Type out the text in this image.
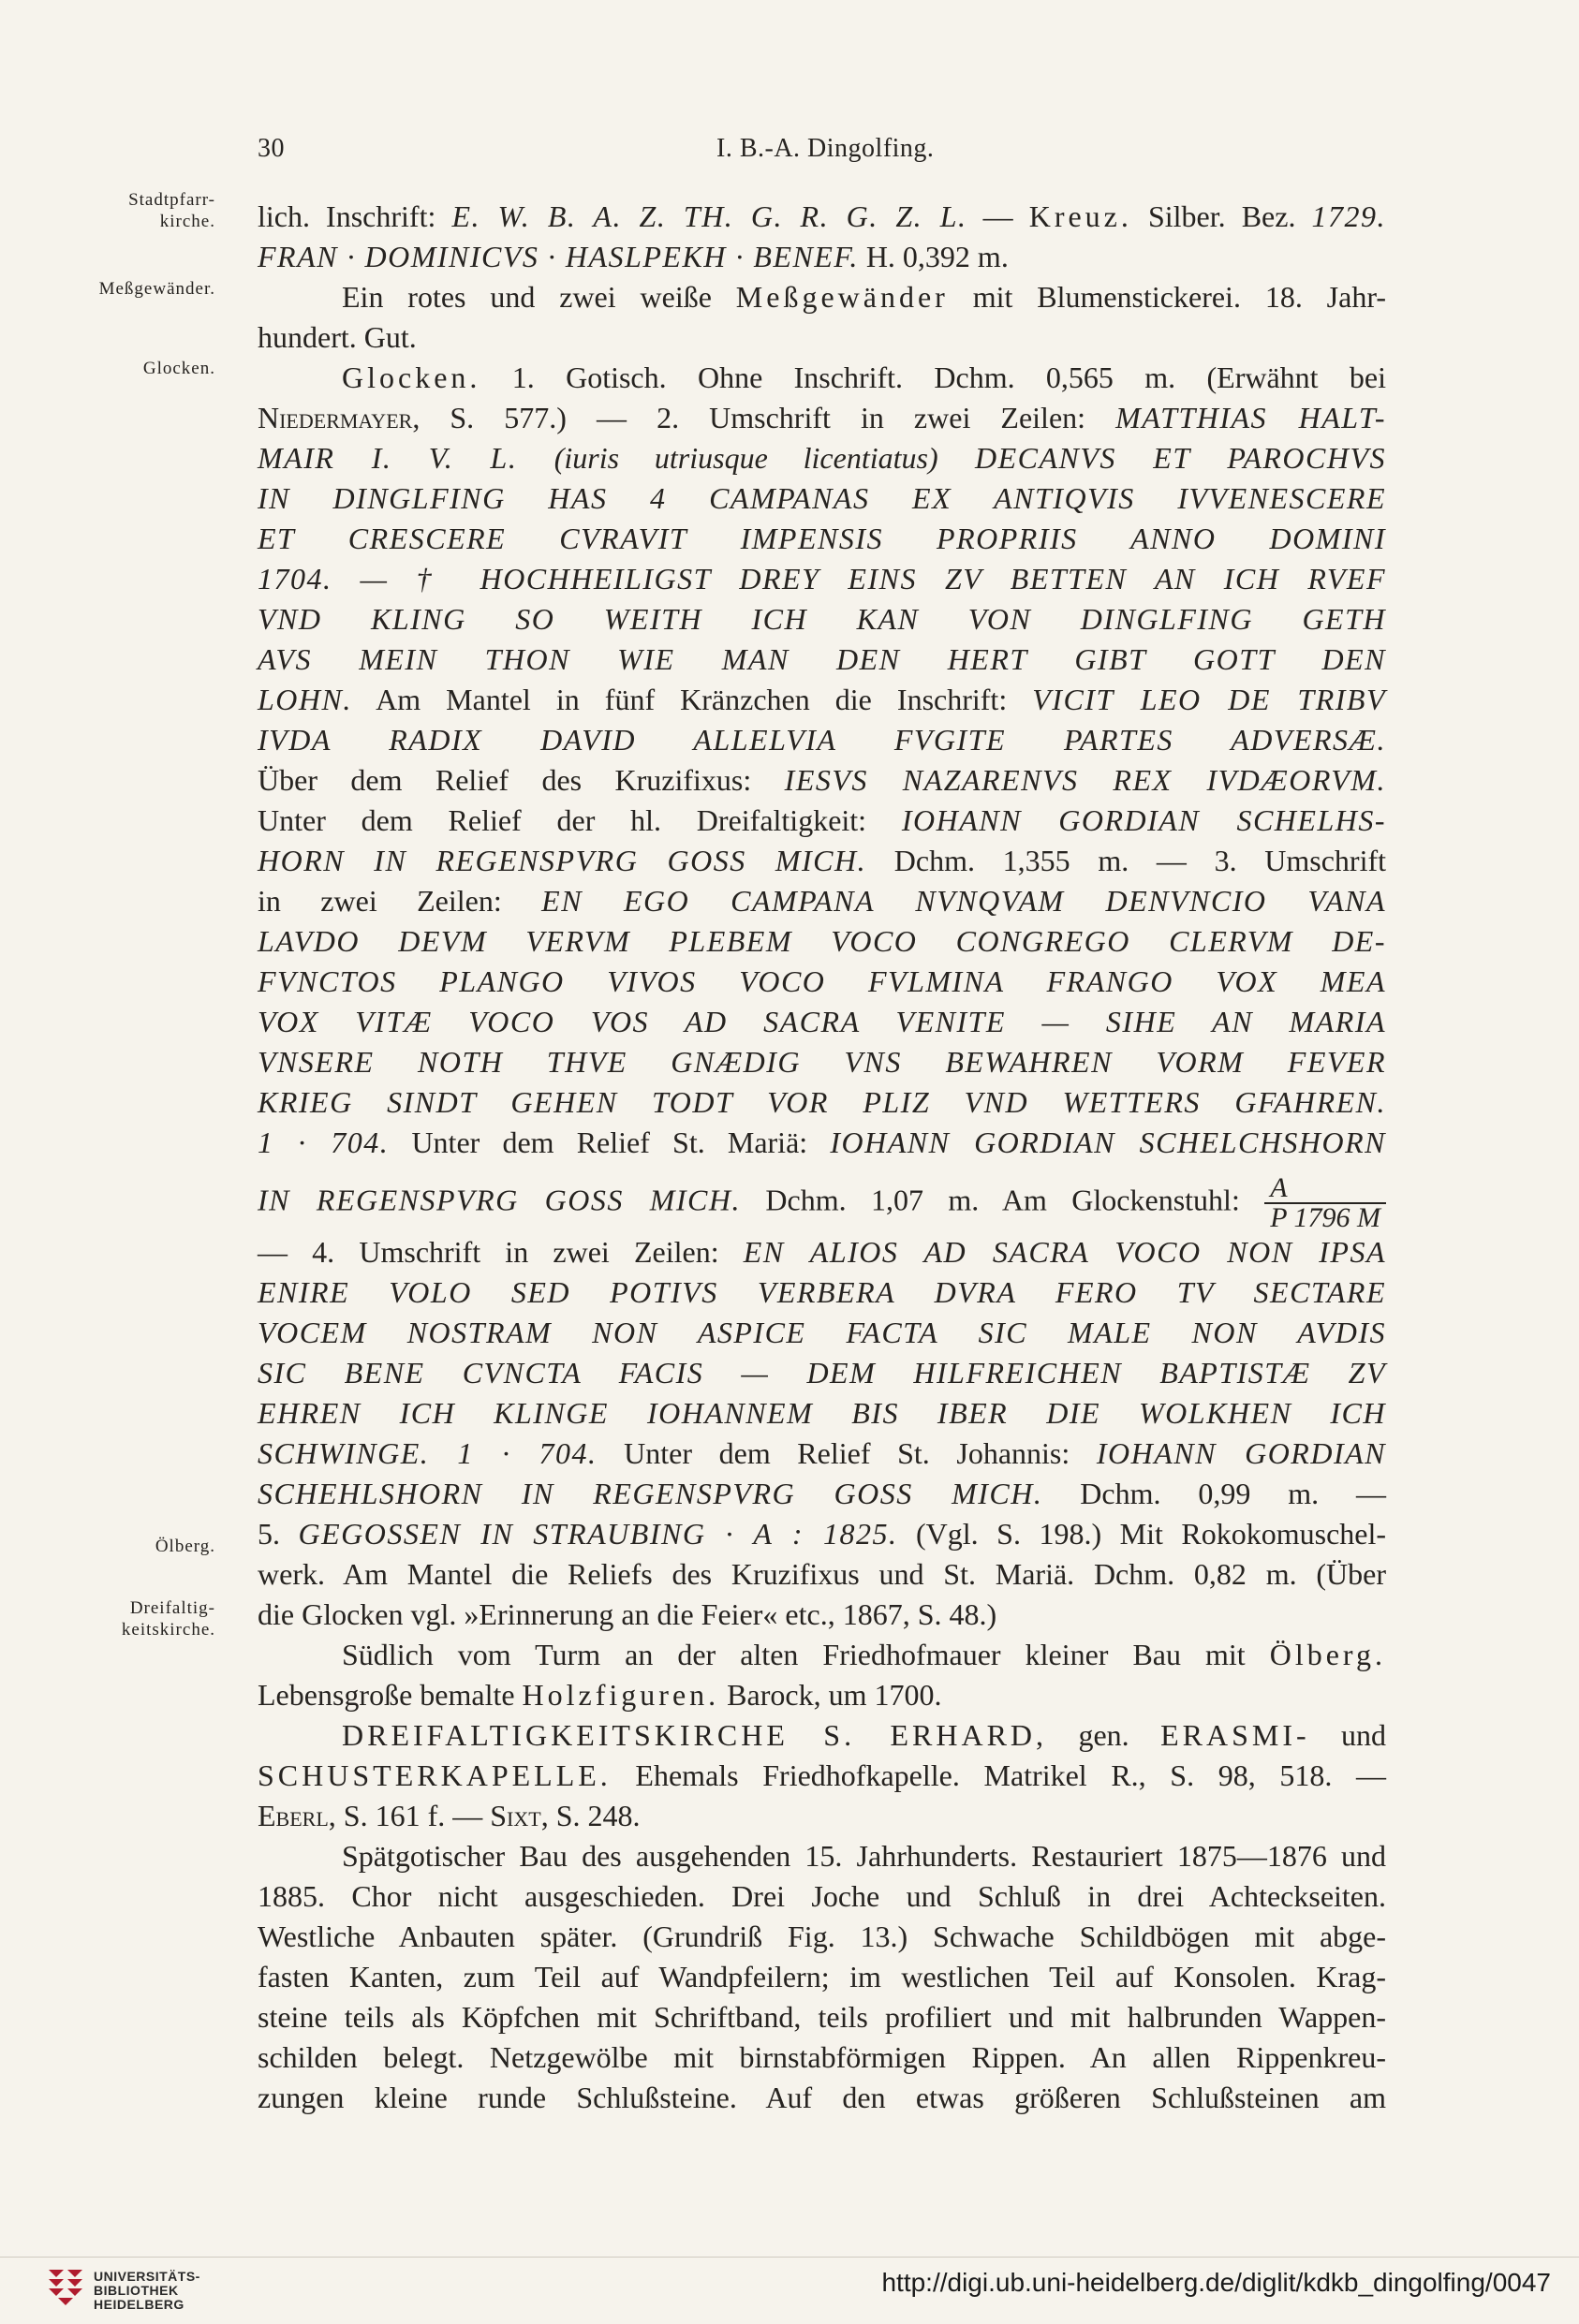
30	I. B.-A. Dingolfing.
Stadtpfarr-
kirche.
Meßgewänder.
Glocken.
Ölberg.
Dreifaltig-
keitskirche.
lich. Inschrift: E. W. B. A. Z. TH. G. R. G. Z. L. — Kreuz. Silber. Bez. 1729.
FRAN · DOMINICVS · HASLPEKH · BENEF. H. 0,392 m.
Ein rotes und zwei weiße Meßgewänder mit Blumenstickerei. 18. Jahr-
hundert. Gut.
Glocken. 1. Gotisch. Ohne Inschrift. Dchm. 0,565 m. (Erwähnt bei
Niedermayer, S. 577.) — 2. Umschrift in zwei Zeilen: MATTHIAS HALT-
MAIR I. V. L. (iuris utriusque licentiatus) DECANVS ET PAROCHVS
IN DINGLFING HAS 4 CAMPANAS EX ANTIQVIS IVVENESCERE
ET CRESCERE CVRAVIT IMPENSIS PROPRIIS ANNO DOMINI
1704. — † HOCHHEILIGST DREY EINS ZV BETTEN AN ICH RVEF
VND KLING SO WEITH ICH KAN VON DINGLFING GETH
AVS MEIN THON WIE MAN DEN HERT GIBT GOTT DEN
LOHN. Am Mantel in fünf Kränzchen die Inschrift: VICIT LEO DE TRIBV
IVDA RADIX DAVID ALLELVIA FVGITE PARTES ADVERSÆ.
Über dem Relief des Kruzifixus: IESVS NAZARENVS REX IVDÆORVM.
Unter dem Relief der hl. Dreifaltigkeit: IOHANN GORDIAN SCHELHS-
HORN IN REGENSPVRG GOSS MICH. Dchm. 1,355 m. — 3. Umschrift
in zwei Zeilen: EN EGO CAMPANA NVNQVAM DENVNCIO VANA
LAVDO DEVM VERVM PLEBEM VOCO CONGREGO CLERVM DE-
FVNCTOS PLANGO VIVOS VOCO FVLMINA FRANGO VOX MEA
VOX VITÆ VOCO VOS AD SACRA VENITE — SIHE AN MARIA
VNSERE NOTH THVE GNÆDIG VNS BEWAHREN VORM FEVER
KRIEG SINDT GEHEN TODT VOR PLIZ VND WETTERS GFAHREN.
1 · 704. Unter dem Relief St. Mariä: IOHANN GORDIAN SCHELCHSHORN
IN REGENSPVRG GOSS MICH. Dchm. 1,07 m. Am Glockenstuhl: $\frac{A}{P 1796 M}$
— 4. Umschrift in zwei Zeilen: EN ALIOS AD SACRA VOCO NON IPSA
ENIRE VOLO SED POTIVS VERBERA DVRA FERO TV SECTARE
VOCEM NOSTRAM NON ASPICE FACTA SIC MALE NON AVDIS
SIC BENE CVNCTA FACIS — DEM HILFREICHEN BAPTISTÆ ZV
EHREN ICH KLINGE IOHANNEM BIS IBER DIE WOLKHEN ICH
SCHWINGE. 1 · 704. Unter dem Relief St. Johannis: IOHANN GORDIAN
SCHEHLSHORN IN REGENSPVRG GOSS MICH. Dchm. 0,99 m. —
5. GEGOSSEN IN STRAUBING · A : 1825. (Vgl. S. 198.) Mit Rokokomuschel-
werk. Am Mantel die Reliefs des Kruzifixus und St. Mariä. Dchm. 0,82 m. (Über
die Glocken vgl. »Erinnerung an die Feier« etc., 1867, S. 48.)
Südlich vom Turm an der alten Friedhofmauer kleiner Bau mit Ölberg.
Lebensgroße bemalte Holzfiguren. Barock, um 1700.
DREIFALTIGKEITSKIRCHE S. ERHARD, gen. ERASMI- und
SCHUSTERKAPELLE. Ehemals Friedhofkapelle. Matrikel R., S. 98, 518. —
Eberl, S. 161 f. — Sixt, S. 248.
Spätgotischer Bau des ausgehenden 15. Jahrhunderts. Restauriert 1875—1876 und
1885. Chor nicht ausgeschieden. Drei Joche und Schluß in drei Achteckseiten.
Westliche Anbauten später. (Grundriß Fig. 13.) Schwache Schildbögen mit abge-
fasten Kanten, zum Teil auf Wandpfeilern; im westlichen Teil auf Konsolen. Krag-
steine teils als Köpfchen mit Schriftband, teils profiliert und mit halbrunden Wappen-
schilden belegt. Netzgewölbe mit birnstabförmigen Rippen. An allen Rippenkreu-
zungen kleine runde Schlußsteine. Auf den etwas größeren Schlußsteinen am
UNIVERSITÄTS-
BIBLIOTHEK
HEIDELBERG
http://digi.ub.uni-heidelberg.de/diglit/kdkb_dingolfing/0047
